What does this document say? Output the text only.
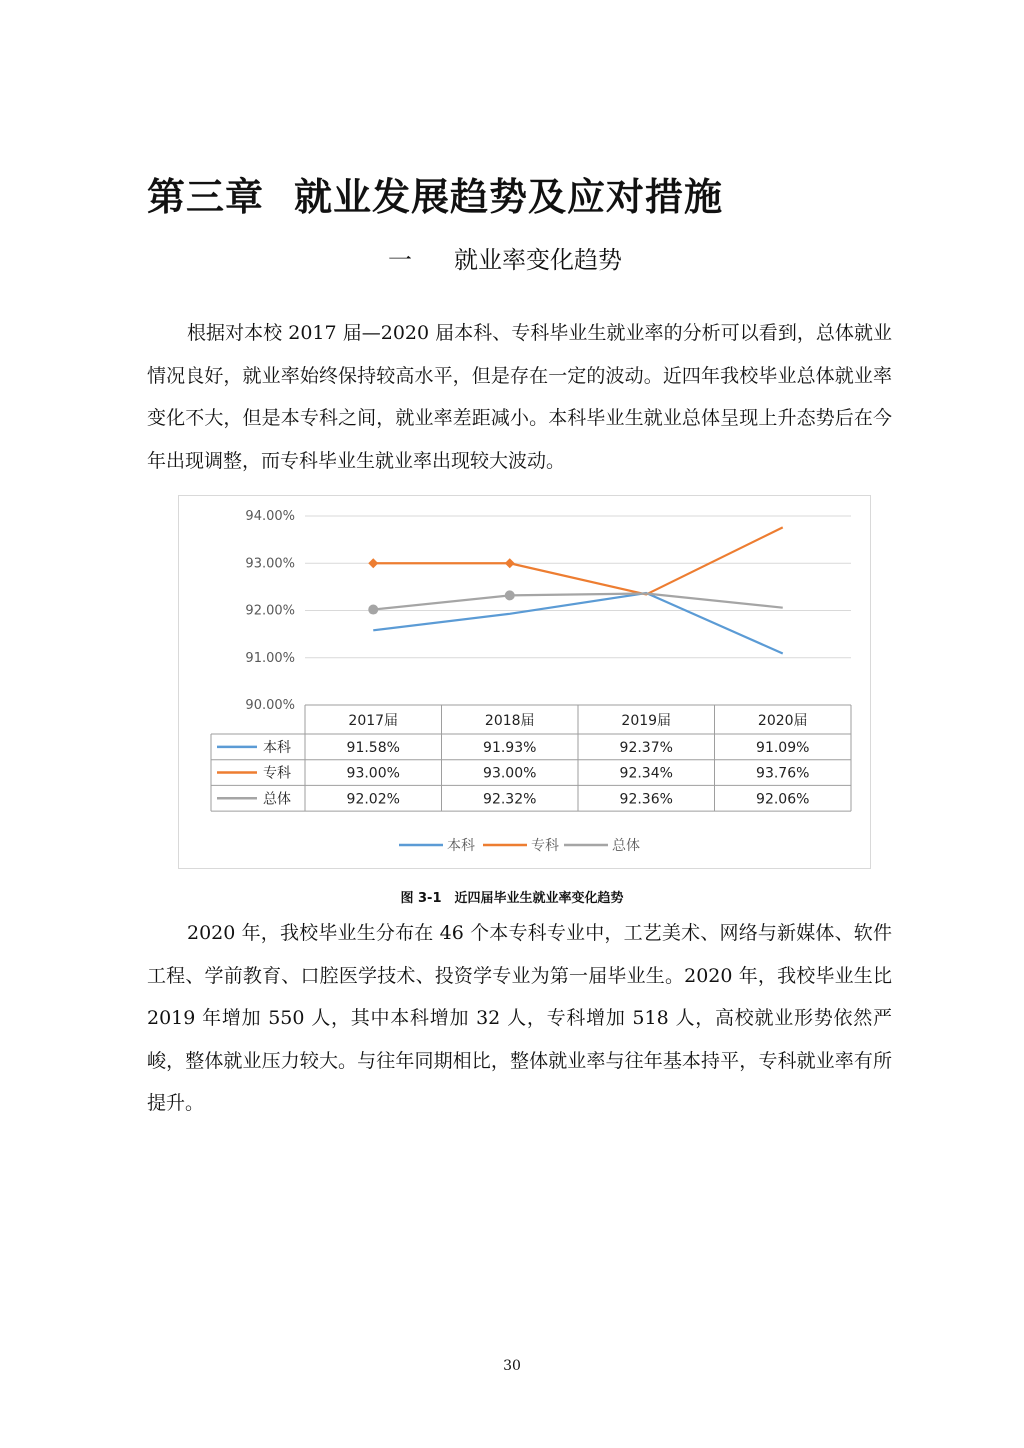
第三章 就业发展趋势及应对措施
一 就业率变化趋势

根据对本校 2017 届—2020 届本科、专科毕业生就业率的分析可以看到，总体就业情况良好，就业率始终保持较高水平，但是存在一定的波动。近四年我校毕业总体就业率变化不大，但是本专科之间，就业率差距减小。本科毕业生就业总体呈现上升态势后在今年出现调整，而专科毕业生就业率出现较大波动。

94.00%
93.00%
92.00%
91.00%
90.00%
2017届	2018届	2019届	2020届
本科	91.58%	91.93%	92.37%	91.09%
专科	93.00%	93.00%	92.34%	93.76%
总体	92.02%	92.32%	92.36%	92.06%
本科	专科	总体

图 3-1　近四届毕业生就业率变化趋势

2020 年，我校毕业生分布在 46 个本专科专业中，工艺美术、网络与新媒体、软件工程、学前教育、口腔医学技术、投资学专业为第一届毕业生。2020 年，我校毕业生比 2019 年增加 550 人，其中本科增加 32 人，专科增加 518 人，高校就业形势依然严峻，整体就业压力较大。与往年同期相比，整体就业率与往年基本持平，专科就业率有所提升。

30
